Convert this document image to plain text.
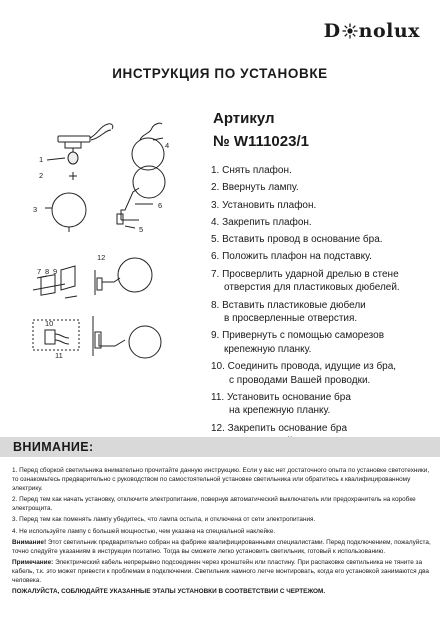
D nolux
ИНСТРУКЦИЯ ПО УСТАНОВКЕ
Артикул
№ W111023/1
1
2
3
4
5
6
7 8 9
10
11
12
1. Снять плафон.
2. Ввернуть лампу.
3. Установить плафон.
4. Закрепить плафон.
5. Вставить провод в основание бра.
6. Положить плафон на подставку.
7. Просверлить ударной дрелью в стене
отверстия для пластиковых дюбелей.
8. Вставить пластиковые дюбели
в просверленные отверстия.
9. Привернуть с помощью саморезов
крепежную планку.
10. Соединить провода, идущие из бра,
с проводами Вашей проводки.
11. Установить основание бра
на крепежную планку.
12. Закрепить основание бра
ВНИМАНИЕ:

1. Перед сборкой светильника внимательно прочитайте данную инструкцию. Если у вас нет достаточного опыта по установке светотехники, то ознакомьтесь предварительно с руководством по самостоятельной установке светильника или обратитесь к квалифицированному электрику.

2. Перед тем как начать установку, отключите электропитание, повернув автоматический выключатель или предохранитель на коробке электрощита.

3. Перед тем как поменять лампу убедитесь, что лампа остыла, и отключена от сети электропитания.

4. Не используйте лампу с большей мощностью, чем указана на специальной наклейке.

Внимание! Этот светильник предварительно собран на фабрике квалифицированными специалистами. Перед подключением, пожалуйста, точно следуйте указаниям в инструкции поэтапно. Тогда вы сможете легко установить светильник, готовый к использованию.

Примечание: Электрический кабель непрерывно подсоединен через кронштейн или пластину. При распаковке светильника не тяните за кабель, т.к. это может привести к проблемам в подключении. Светильник намного легче монтировать, когда его установкой занимаются два человека.

ПОЖАЛУЙСТА, СОБЛЮДАЙТЕ УКАЗАННЫЕ ЭТАПЫ УСТАНОВКИ В СООТВЕТСТВИИ С ЧЕРТЕЖОМ.
